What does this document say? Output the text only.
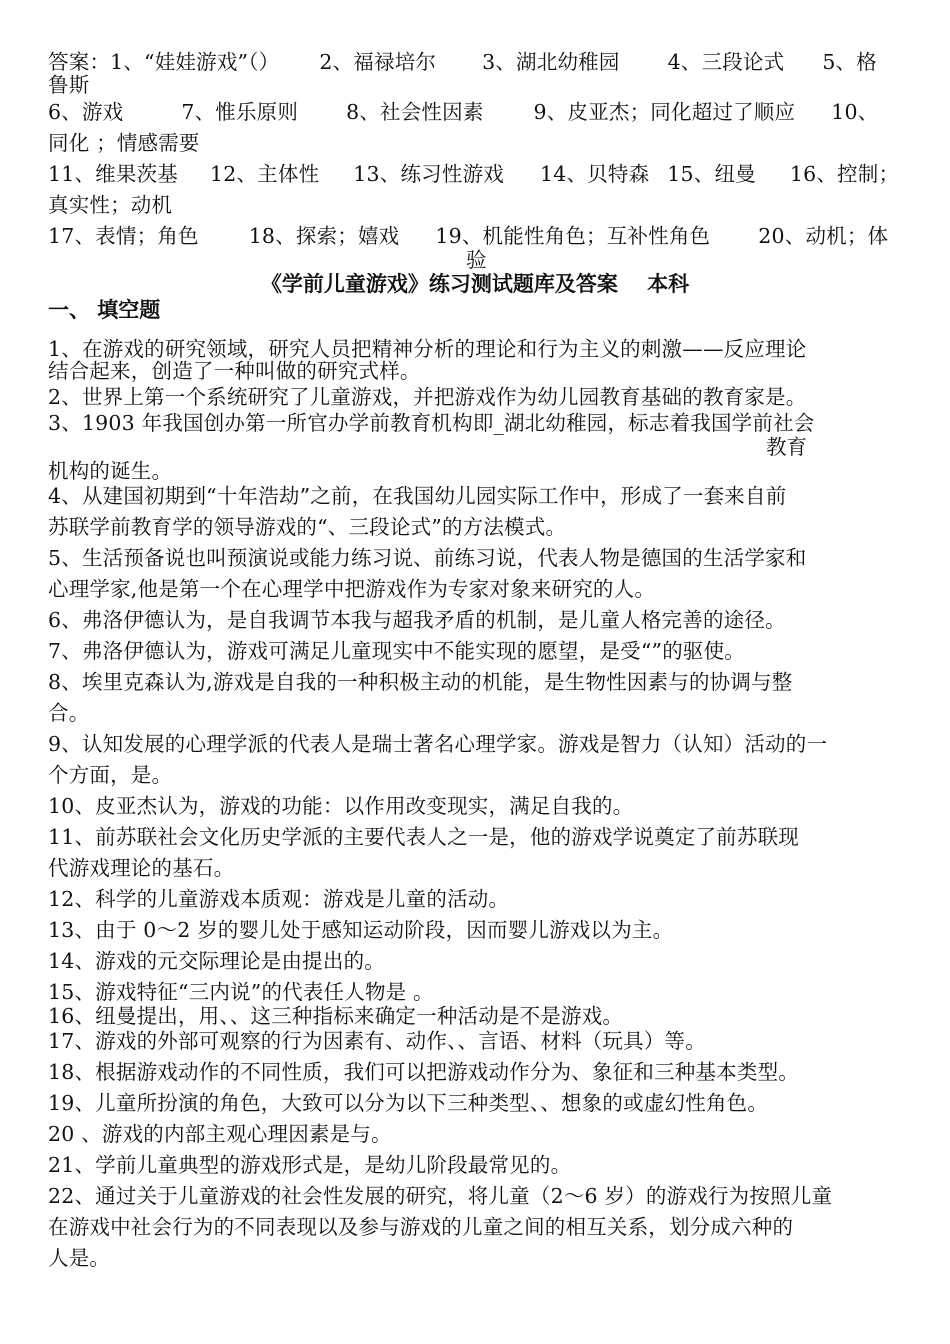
答案：1、“娃娃游戏”（） 2、福禄培尔 3、湖北幼稚园 4、三段论式 5、格
鲁斯
6、游戏	7、惟乐原则 8、社会性因素 9、皮亚杰；同化超过了顺应 10、
同化 ；情感需要
11、维果茨基 12、主体性 13、练习性游戏 14、贝特森 15、纽曼 16、控制；
真实性；动机
17、表情；角色 18、探索；嬉戏 19、机能性角色；互补性角色 20、动机；体
验
《学前儿童游戏》练习测试题库及答案    本科
一、 填空题
1、在游戏的研究领域，研究人员把精神分析的理论和行为主义的刺激——反应理论
结合起来，创造了一种叫做的研究式样。
2、世界上第一个系统研究了儿童游戏，并把游戏作为幼儿园教育基础的教育家是。
3、1903 年我国创办第一所官办学前教育机构即_湖北幼稚园，标志着我国学前社会
教育
机构的诞生。
4、从建国初期到“十年浩劫”之前，在我国幼儿园实际工作中，形成了一套来自前
苏联学前教育学的领导游戏的“、三段论式”的方法模式。
5、生活预备说也叫预演说或能力练习说、前练习说，代表人物是德国的生活学家和
心理学家,他是第一个在心理学中把游戏作为专家对象来研究的人。
6、弗洛伊德认为，是自我调节本我与超我矛盾的机制，是儿童人格完善的途径。
7、弗洛伊德认为，游戏可满足儿童现实中不能实现的愿望，是受“”的驱使。
8、埃里克森认为,游戏是自我的一种积极主动的机能，是生物性因素与的协调与整
合。
9、认知发展的心理学派的代表人是瑞士著名心理学家。游戏是智力（认知）活动的一
个方面，是。
10、皮亚杰认为，游戏的功能：以作用改变现实，满足自我的。
11、前苏联社会文化历史学派的主要代表人之一是，他的游戏学说奠定了前苏联现
代游戏理论的基石。
12、科学的儿童游戏本质观：游戏是儿童的活动。
13、由于 0～2 岁的婴儿处于感知运动阶段，因而婴儿游戏以为主。
14、游戏的元交际理论是由提出的。
15、游戏特征“三内说”的代表任人物是 。
16、纽曼提出，用、、这三种指标来确定一种活动是不是游戏。
17、游戏的外部可观察的行为因素有、动作、、言语、材料（玩具）等。
18、根据游戏动作的不同性质，我们可以把游戏动作分为、象征和三种基本类型。
19、儿童所扮演的角色，大致可以分为以下三种类型、、想象的或虚幻性角色。
20 、游戏的内部主观心理因素是与。
21、学前儿童典型的游戏形式是，是幼儿阶段最常见的。
22、通过关于儿童游戏的社会性发展的研究，将儿童（2～6 岁）的游戏行为按照儿童
在游戏中社会行为的不同表现以及参与游戏的儿童之间的相互关系，划分成六种的
人是。
